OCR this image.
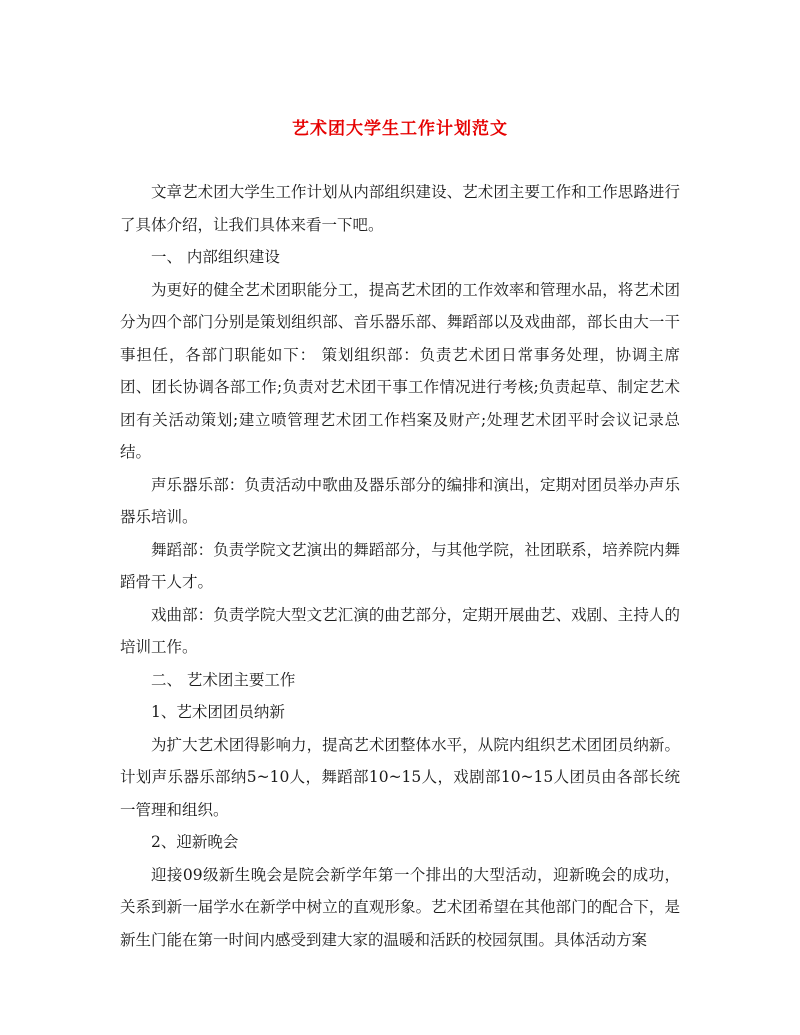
艺术团大学生工作计划范文

文章艺术团大学生工作计划从内部组织建设、艺术团主要工作和工作思路进行了具体介绍，让我们具体来看一下吧。

一、 内部组织建设

为更好的健全艺术团职能分工，提高艺术团的工作效率和管理水品，将艺术团分为四个部门分别是策划组织部、音乐器乐部、舞蹈部以及戏曲部，部长由大一干事担任，各部门职能如下： 策划组织部：负责艺术团日常事务处理，协调主席团、团长协调各部工作;负责对艺术团干事工作情况进行考核;负责起草、制定艺术团有关活动策划;建立喷管理艺术团工作档案及财产;处理艺术团平时会议记录总结。

声乐器乐部：负责活动中歌曲及器乐部分的编排和演出，定期对团员举办声乐器乐培训。

舞蹈部：负责学院文艺演出的舞蹈部分，与其他学院，社团联系，培养院内舞蹈骨干人才。

戏曲部：负责学院大型文艺汇演的曲艺部分，定期开展曲艺、戏剧、主持人的培训工作。

二、 艺术团主要工作

1、艺术团团员纳新

为扩大艺术团得影响力，提高艺术团整体水平，从院内组织艺术团团员纳新。计划声乐器乐部纳5~10人，舞蹈部10~15人，戏剧部10~15人团员由各部长统一管理和组织。

2、迎新晚会

迎接09级新生晚会是院会新学年第一个排出的大型活动，迎新晚会的成功，关系到新一届学水在新学中树立的直观形象。艺术团希望在其他部门的配合下，是新生门能在第一时间内感受到建大家的温暖和活跃的校园氛围。具体活动方案
